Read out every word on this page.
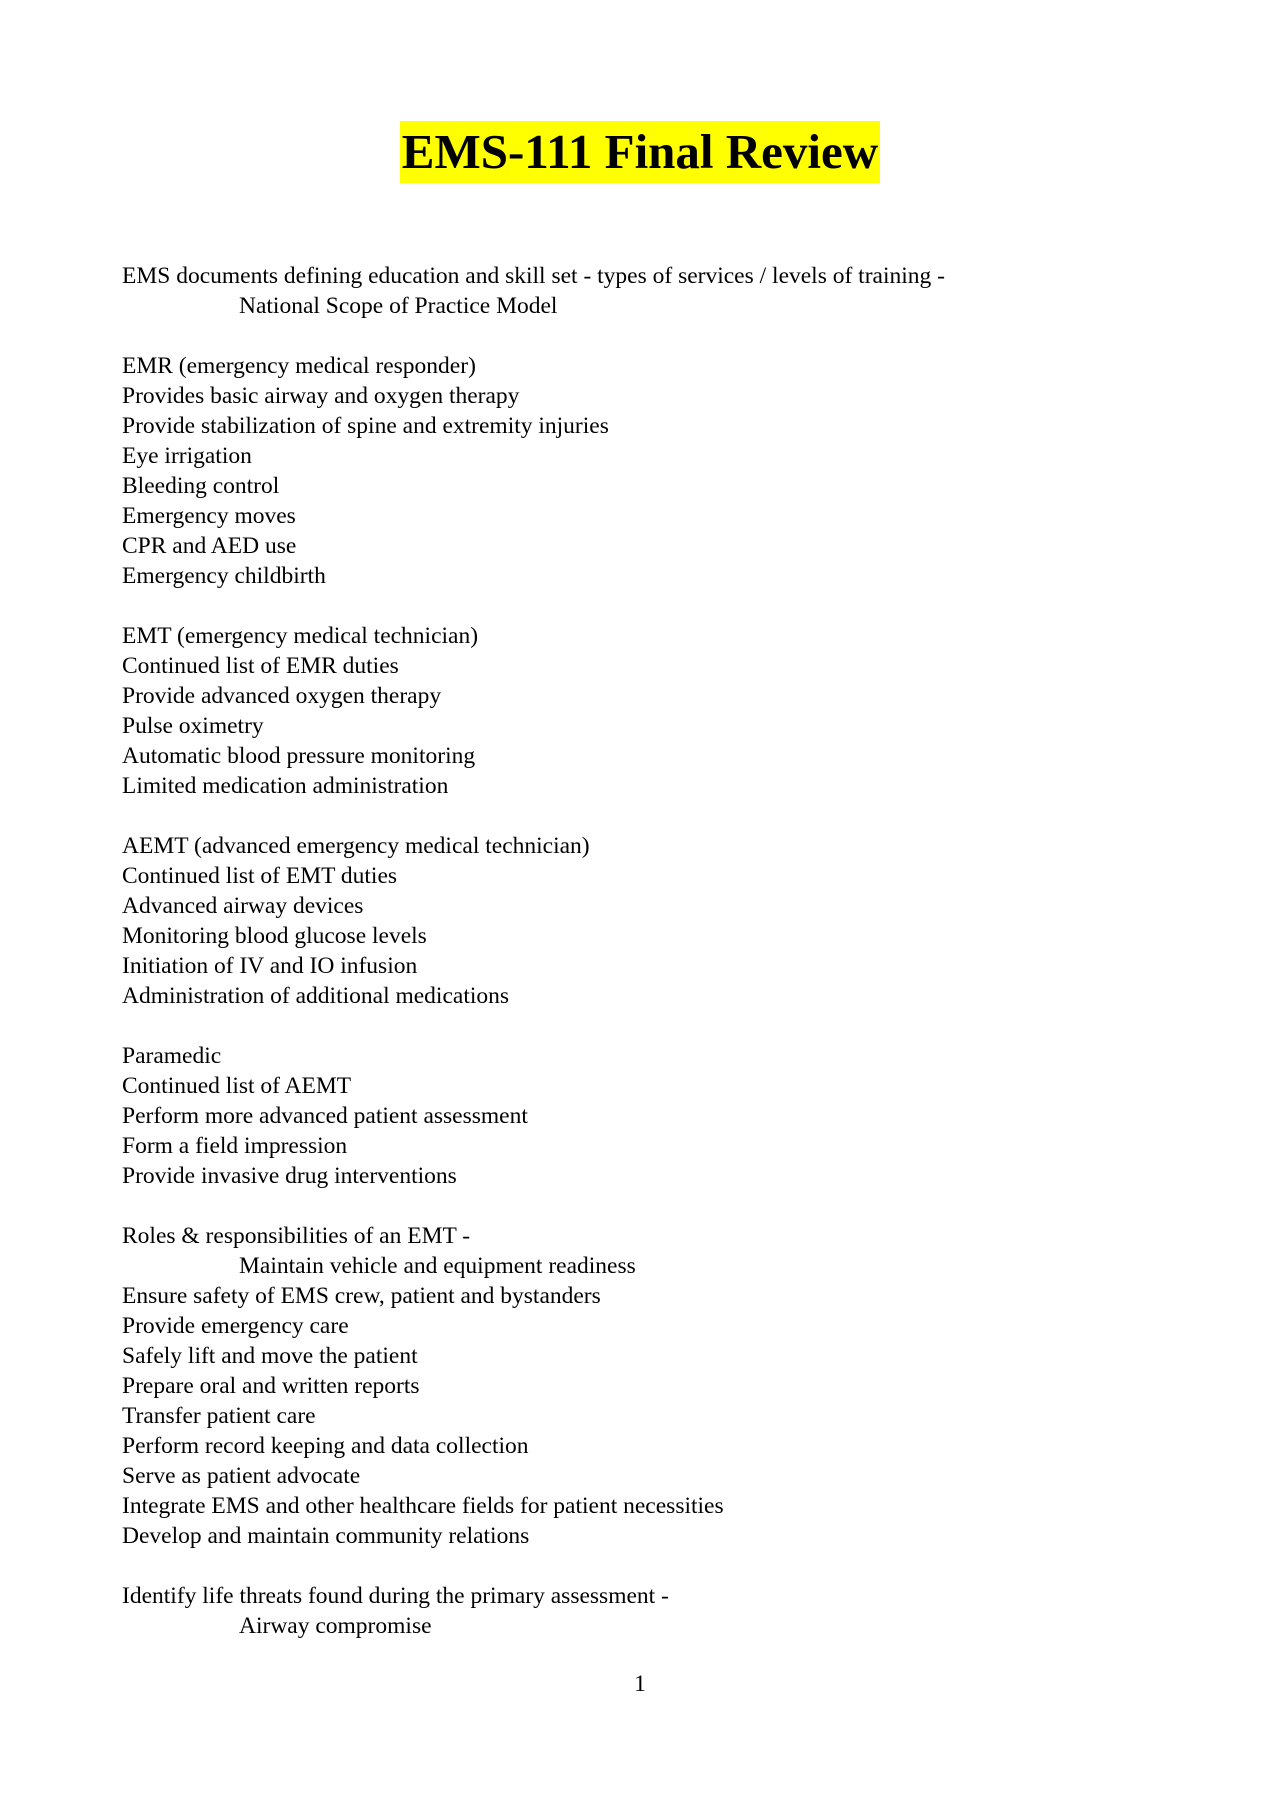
EMS-111 Final Review
EMS documents defining education and skill set - types of services / levels of training -
National Scope of Practice Model
EMR (emergency medical responder)
Provides basic airway and oxygen therapy
Provide stabilization of spine and extremity injuries
Eye irrigation
Bleeding control
Emergency moves
CPR and AED use
Emergency childbirth
EMT (emergency medical technician)
Continued list of EMR duties
Provide advanced oxygen therapy
Pulse oximetry
Automatic blood pressure monitoring
Limited medication administration
AEMT (advanced emergency medical technician)
Continued list of EMT duties
Advanced airway devices
Monitoring blood glucose levels
Initiation of IV and IO infusion
Administration of additional medications
Paramedic
Continued list of AEMT
Perform more advanced patient assessment
Form a field impression
Provide invasive drug interventions
Roles & responsibilities of an EMT -
Maintain vehicle and equipment readiness
Ensure safety of EMS crew, patient and bystanders
Provide emergency care
Safely lift and move the patient
Prepare oral and written reports
Transfer patient care
Perform record keeping and data collection
Serve as patient advocate
Integrate EMS and other healthcare fields for patient necessities
Develop and maintain community relations
Identify life threats found during the primary assessment -
Airway compromise
1
